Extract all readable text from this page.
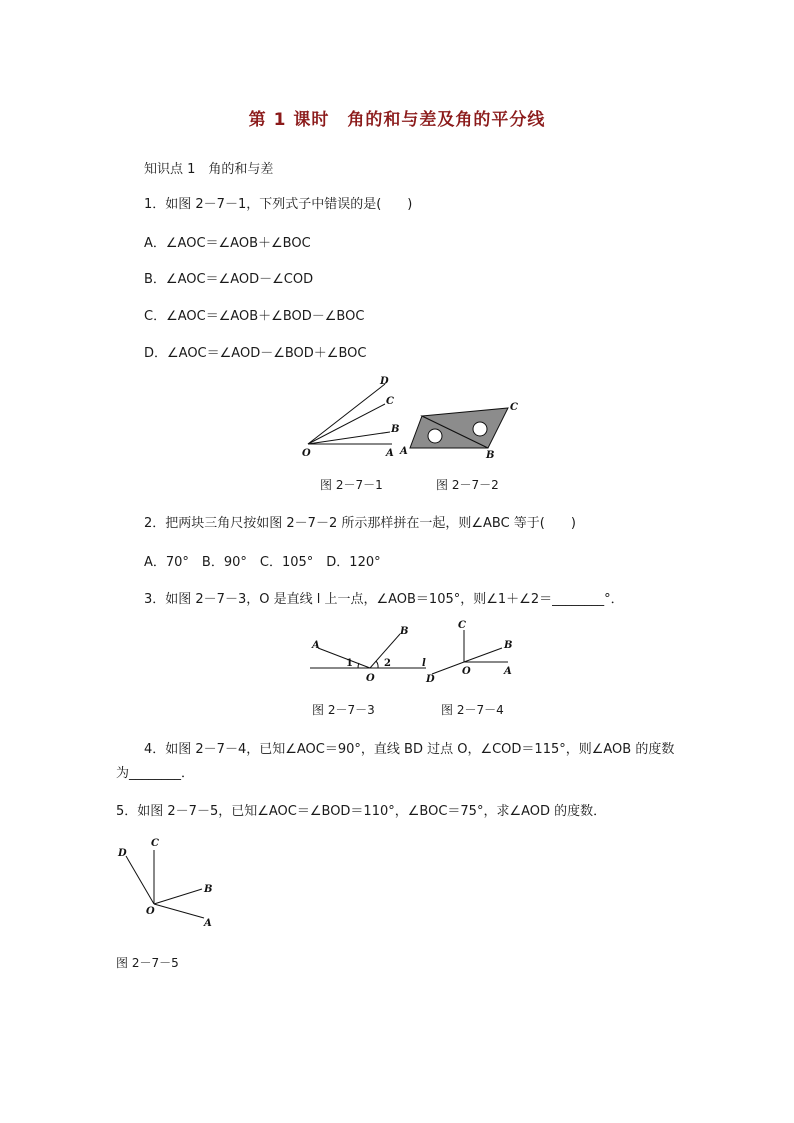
第 1 课时　角的和与差及角的平分线
知识点 1　角的和与差
1．如图 2－7－1，下列式子中错误的是(　　)
A．∠AOC＝∠AOB＋∠BOC
B．∠AOC＝∠AOD－∠COD
C．∠AOC＝∠AOB＋∠BOD－∠BOC
D．∠AOC＝∠AOD－∠BOD＋∠BOC
D
C
B
O	A
C
A	B
图 2－7－1	图 2－7－2
2．把两块三角尺按如图 2－7－2 所示那样拼在一起，则∠ABC 等于(　　)
A．70°　B．90°　C．105°　D．120°
3．如图 2－7－3，O 是直线 l 上一点，∠AOB＝105°，则∠1＋∠2＝________°．
A
B
1	2	l
O
C
B
O	A
D
图 2－7－3	图 2－7－4
4．如图 2－7－4，已知∠AOC＝90°，直线 BD 过点 O，∠COD＝115°，则∠AOB 的度数
为________．
5．如图 2－7－5，已知∠AOC＝∠BOD＝110°，∠BOC＝75°，求∠AOD 的度数．
C
D
B
O
A
图 2－7－5
